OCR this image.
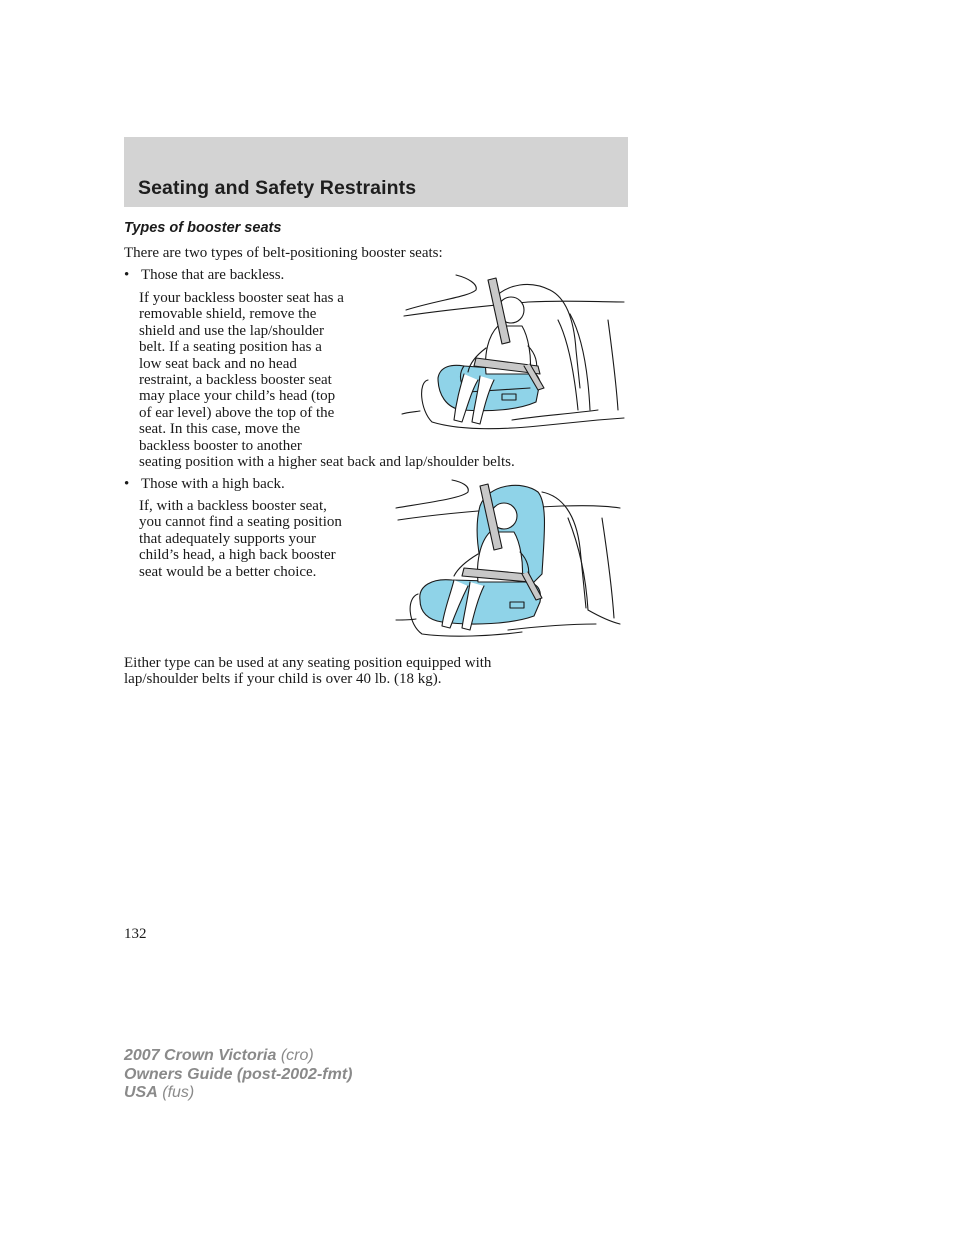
Seating and Safety Restraints
Types of booster seats

There are two types of belt-positioning booster seats:

• Those that are backless.
If your backless booster seat has a
removable shield, remove the
shield and use the lap/shoulder
belt. If a seating position has a
low seat back and no head
restraint, a backless booster seat
may place your child’s head (top
of ear level) above the top of the
seat. In this case, move the
backless booster to another
seating position with a higher seat back and lap/shoulder belts.
• Those with a high back.
If, with a backless booster seat,
you cannot find a seating position
that adequately supports your
child’s head, a high back booster
seat would be a better choice.
Either type can be used at any seating position equipped with
lap/shoulder belts if your child is over 40 lb. (18 kg).
132
2007 Crown Victoria (cro)
Owners Guide (post-2002-fmt)
USA (fus)
